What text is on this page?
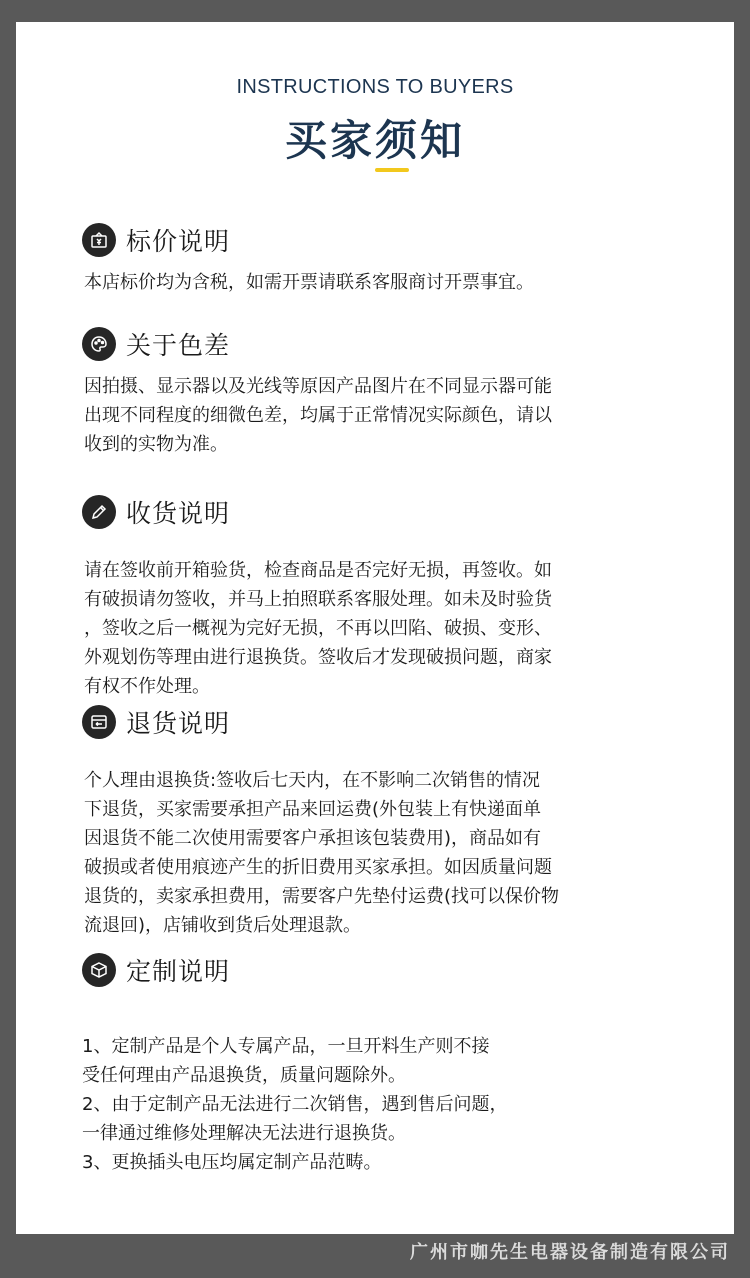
INSTRUCTIONS TO BUYERS
买家须知
标价说明
本店标价均为含税，如需开票请联系客服商讨开票事宜。
关于色差
因拍摄、显示器以及光线等原因产品图片在不同显示器可能
出现不同程度的细微色差，均属于正常情况实际颜色，请以
收到的实物为准。
收货说明
请在签收前开箱验货，检查商品是否完好无损，再签收。如
有破损请勿签收，并马上拍照联系客服处理。如未及时验货
，签收之后一概视为完好无损，不再以凹陷、破损、变形、
外观划伤等理由进行退换货。签收后才发现破损问题，商家
有权不作处理。
退货说明
个人理由退换货:签收后七天内，在不影响二次销售的情况
下退货，买家需要承担产品来回运费(外包装上有快递面单
因退货不能二次使用需要客户承担该包装费用)，商品如有
破损或者使用痕迹产生的折旧费用买家承担。如因质量问题
退货的，卖家承担费用，需要客户先垫付运费(找可以保价物
流退回)，店铺收到货后处理退款。
定制说明
1、定制产品是个人专属产品，一旦开料生产则不接
受任何理由产品退换货，质量问题除外。
2、由于定制产品无法进行二次销售，遇到售后问题，
一律通过维修处理解决无法进行退换货。
3、更换插头电压均属定制产品范畴。
广州市咖先生电器设备制造有限公司
